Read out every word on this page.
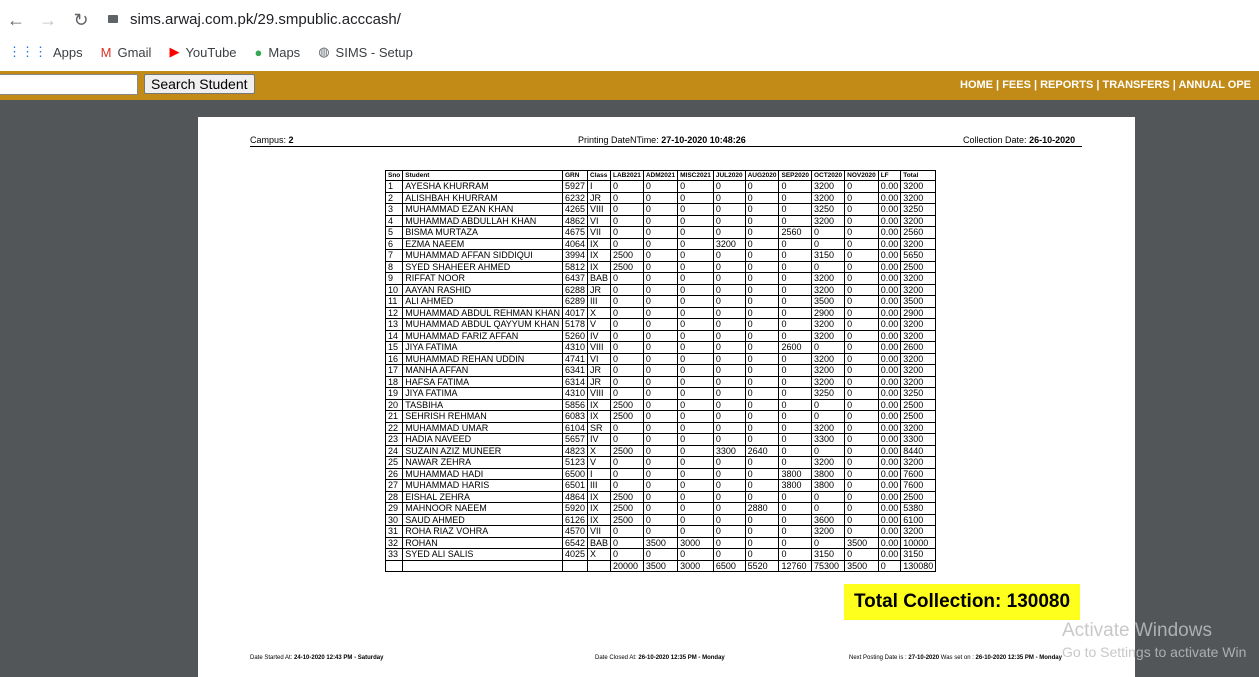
← → ↻	sims.arwaj.com.pk/29.smpublic.acccash/
⋮⋮⋮ Apps M Gmail ▶ YouTube ● Maps ◍ SIMS - Setup
Search Student	HOME | FEES | REPORTS | TRANSFERS | ANNUAL OPE
Campus: 2	Printing DateNTime: 27-10-2020 10:48:26	Collection Date: 26-10-2020
Sno	Student	GRN	Class	LAB2021	ADM2021	MISC2021	JUL2020	AUG2020	SEP2020	OCT2020	NOV2020	LF	Total
1	AYESHA KHURRAM	5927	I	0	0	0	0	0	0	3200	0	0.00	3200
2	ALISHBAH KHURRAM	6232	JR	0	0	0	0	0	0	3200	0	0.00	3200
3	MUHAMMAD EZAN KHAN	4265	VIII	0	0	0	0	0	0	3250	0	0.00	3250
4	MUHAMMAD ABDULLAH KHAN	4862	VI	0	0	0	0	0	0	3200	0	0.00	3200
5	BISMA MURTAZA	4675	VII	0	0	0	0	0	2560	0	0	0.00	2560
6	EZMA NAEEM	4064	IX	0	0	0	3200	0	0	0	0	0.00	3200
7	MUHAMMAD AFFAN SIDDIQUI	3994	IX	2500	0	0	0	0	0	3150	0	0.00	5650
8	SYED SHAHEER AHMED	5812	IX	2500	0	0	0	0	0	0	0	0.00	2500
9	RIFFAT NOOR	6437	BAB	0	0	0	0	0	0	3200	0	0.00	3200
10	AAYAN RASHID	6288	JR	0	0	0	0	0	0	3200	0	0.00	3200
11	ALI AHMED	6289	III	0	0	0	0	0	0	3500	0	0.00	3500
12	MUHAMMAD ABDUL REHMAN KHAN	4017	X	0	0	0	0	0	0	2900	0	0.00	2900
13	MUHAMMAD ABDUL QAYYUM KHAN	5178	V	0	0	0	0	0	0	3200	0	0.00	3200
14	MUHAMMAD FARIZ AFFAN	5260	IV	0	0	0	0	0	0	3200	0	0.00	3200
15	JIYA FATIMA	4310	VIII	0	0	0	0	0	2600	0	0	0.00	2600
16	MUHAMMAD REHAN UDDIN	4741	VI	0	0	0	0	0	0	3200	0	0.00	3200
17	MANHA AFFAN	6341	JR	0	0	0	0	0	0	3200	0	0.00	3200
18	HAFSA FATIMA	6314	JR	0	0	0	0	0	0	3200	0	0.00	3200
19	JIYA FATIMA	4310	VIII	0	0	0	0	0	0	3250	0	0.00	3250
20	TASBIHA	5856	IX	2500	0	0	0	0	0	0	0	0.00	2500
21	SEHRISH REHMAN	6083	IX	2500	0	0	0	0	0	0	0	0.00	2500
22	MUHAMMAD UMAR	6104	SR	0	0	0	0	0	0	3200	0	0.00	3200
23	HADIA NAVEED	5657	IV	0	0	0	0	0	0	3300	0	0.00	3300
24	SUZAIN AZIZ MUNEER	4823	X	2500	0	0	3300	2640	0	0	0	0.00	8440
25	NAWAR ZEHRA	5123	V	0	0	0	0	0	0	3200	0	0.00	3200
26	MUHAMMAD HADI	6500	I	0	0	0	0	0	3800	3800	0	0.00	7600
27	MUHAMMAD HARIS	6501	III	0	0	0	0	0	3800	3800	0	0.00	7600
28	EISHAL ZEHRA	4864	IX	2500	0	0	0	0	0	0	0	0.00	2500
29	MAHNOOR NAEEM	5920	IX	2500	0	0	0	2880	0	0	0	0.00	5380
30	SAUD AHMED	6126	IX	2500	0	0	0	0	0	3600	0	0.00	6100
31	ROHA RIAZ VOHRA	4570	VII	0	0	0	0	0	0	3200	0	0.00	3200
32	ROHAN	6542	BAB	0	3500	3000	0	0	0	0	3500	0.00	10000
33	SYED ALI SALIS	4025	X	0	0	0	0	0	0	3150	0	0.00	3150
				20000	3500	3000	6500	5520	12760	75300	3500	0	130080
Total Collection: 130080
Date Started At: 24-10-2020 12:43 PM - Saturday	Date Closed At: 26-10-2020 12:35 PM - Monday	Next Posting Date is : 27-10-2020 Was set on : 26-10-2020 12:35 PM - Monday
Activate Windows
Go to Settings to activate Win
